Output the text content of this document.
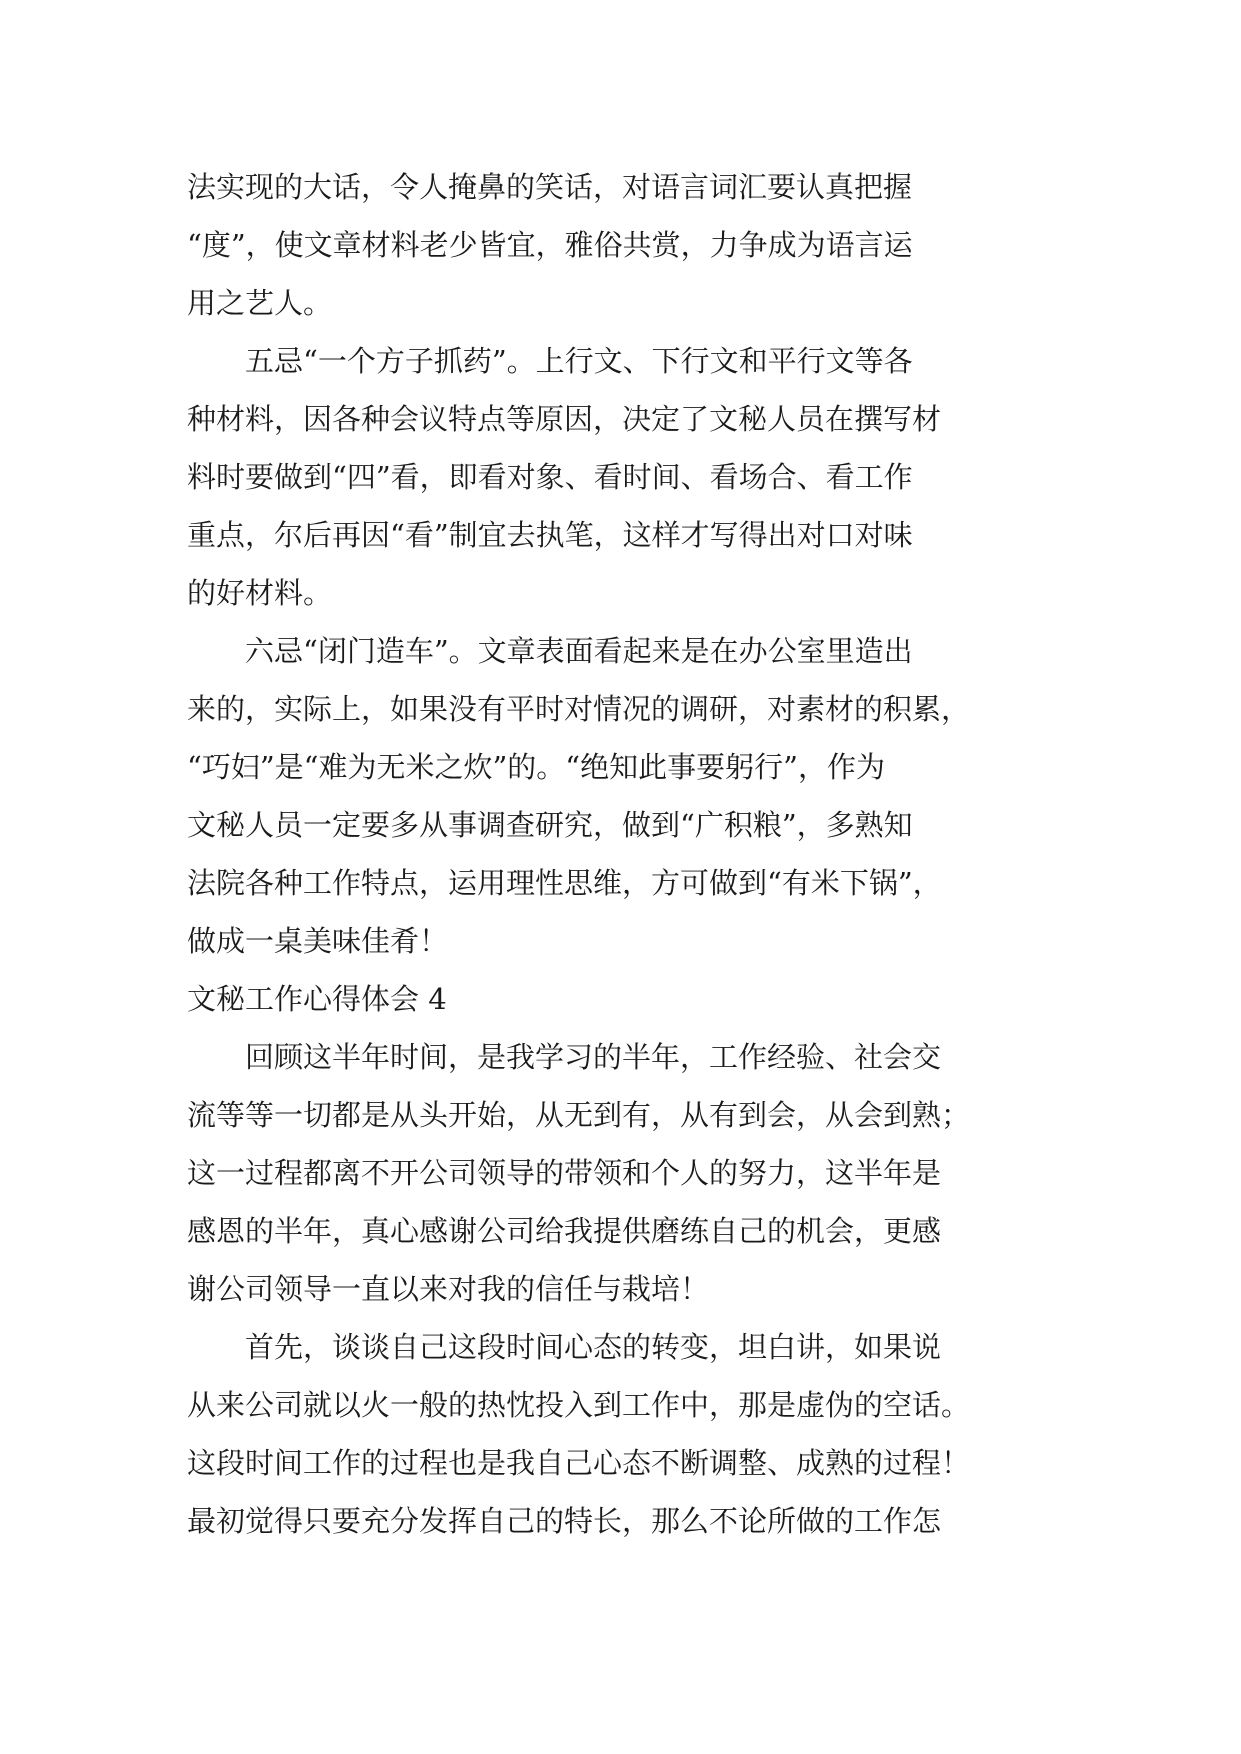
法实现的大话，令人掩鼻的笑话，对语言词汇要认真把握
“度”，使文章材料老少皆宜，雅俗共赏，力争成为语言运
用之艺人。
五忌“一个方子抓药”。上行文、下行文和平行文等各
种材料，因各种会议特点等原因，决定了文秘人员在撰写材
料时要做到“四”看，即看对象、看时间、看场合、看工作
重点，尔后再因“看”制宜去执笔，这样才写得出对口对味
的好材料。
六忌“闭门造车”。文章表面看起来是在办公室里造出
来的，实际上，如果没有平时对情况的调研，对素材的积累，
“巧妇”是“难为无米之炊”的。“绝知此事要躬行”，作为
文秘人员一定要多从事调查研究，做到“广积粮”，多熟知
法院各种工作特点，运用理性思维，方可做到“有米下锅”，
做成一桌美味佳肴！
文秘工作心得体会 4
回顾这半年时间，是我学习的半年，工作经验、社会交
流等等一切都是从头开始，从无到有，从有到会，从会到熟；
这一过程都离不开公司领导的带领和个人的努力，这半年是
感恩的半年，真心感谢公司给我提供磨练自己的机会，更感
谢公司领导一直以来对我的信任与栽培！
首先，谈谈自己这段时间心态的转变，坦白讲，如果说
从来公司就以火一般的热忱投入到工作中，那是虚伪的空话。
这段时间工作的过程也是我自己心态不断调整、成熟的过程！
最初觉得只要充分发挥自己的特长，那么不论所做的工作怎
